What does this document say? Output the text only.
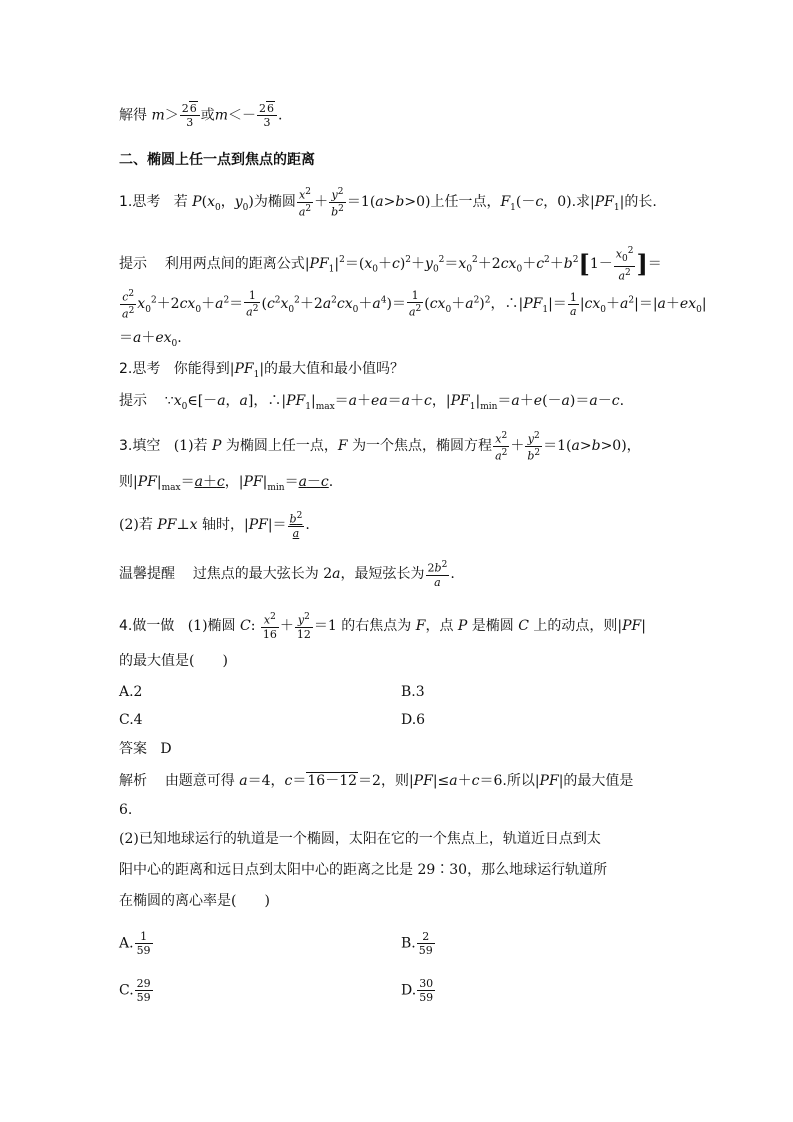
解得 $m> \frac{26}{3}$ 或$m<- \frac{26}{3}$ .
二、椭圆上任一点到焦点的距离
1.思考 若 $P(x_0$，$y_0$)为椭圆 $\frac{x^2}{a^2} + \frac{y^2}{b^2} =1(a>b>0)$上任一点，$F_1(-c$，0).求$|PF_1|$的长.
提示 利用两点间的距离公式$|PF_1|^2=(x_0+c)^2+y_0^2=x_0^2+2cx_0+c^2+b^2[1- \frac{x_0^2}{a^2}$ ]＝
$\frac{c^2}{a^2} x_0^2+2cx_0+a^2= \frac{1}{a^2} (c^2x_0^2+2a^2cx_0+a^4)= \frac{1}{a^2} (cx_0+a^2)^2$，$\therefore|PF_1|= \frac{1}{a} |cx_0+a^2|=|a+ex_0|$
$=a+ex_0$.
2.思考 你能得到$|PF_1|$的最大值和最小值吗？
提示    $\because x_0\in[-a$，a]，$\therefore|PF_1|_{max}=a+ea=a+c$，$|PF_1|_{min}=a+e(-a)=a-c$.
3.填空 (1)若 P 为椭圆上任一点，F 为一个焦点，椭圆方程 $\frac{x^2}{a^2} + \frac{y^2}{b^2} =1(a>b>0)$，
则$|PF|_{max}=a+c$，$|PF|_{min}=a-c$.
(2)若 PF⊥x 轴时，$|PF|= \frac{b^2}{a}$ .
温馨提醒 过焦点的最大弦长为 2a，最短弦长为 $\frac{2b^2}{a}$ .
4.做一做 (1)椭圆 C: $\frac{x^2}{16} + \frac{y^2}{12} =1$ 的右焦点为 F，点 P 是椭圆 C 上的动点，则|PF|
的最大值是(　　)
A.2	B.3
C.4	D.6
答案 D
解析 由题意可得 a＝4，c＝16－12＝2，则|PF|≤a＋c＝6.所以|PF|的最大值是
6.
(2)已知地球运行的轨道是一个椭圆，太阳在它的一个焦点上，轨道近日点到太
阳中心的距离和远日点到太阳中心的距离之比是 29∶30，那么地球运行轨道所
在椭圆的离心率是(　　)
A. $\frac{1}{59}$	B. $\frac{2}{59}$
C. $\frac{29}{59}$	D. $\frac{30}{59}$
